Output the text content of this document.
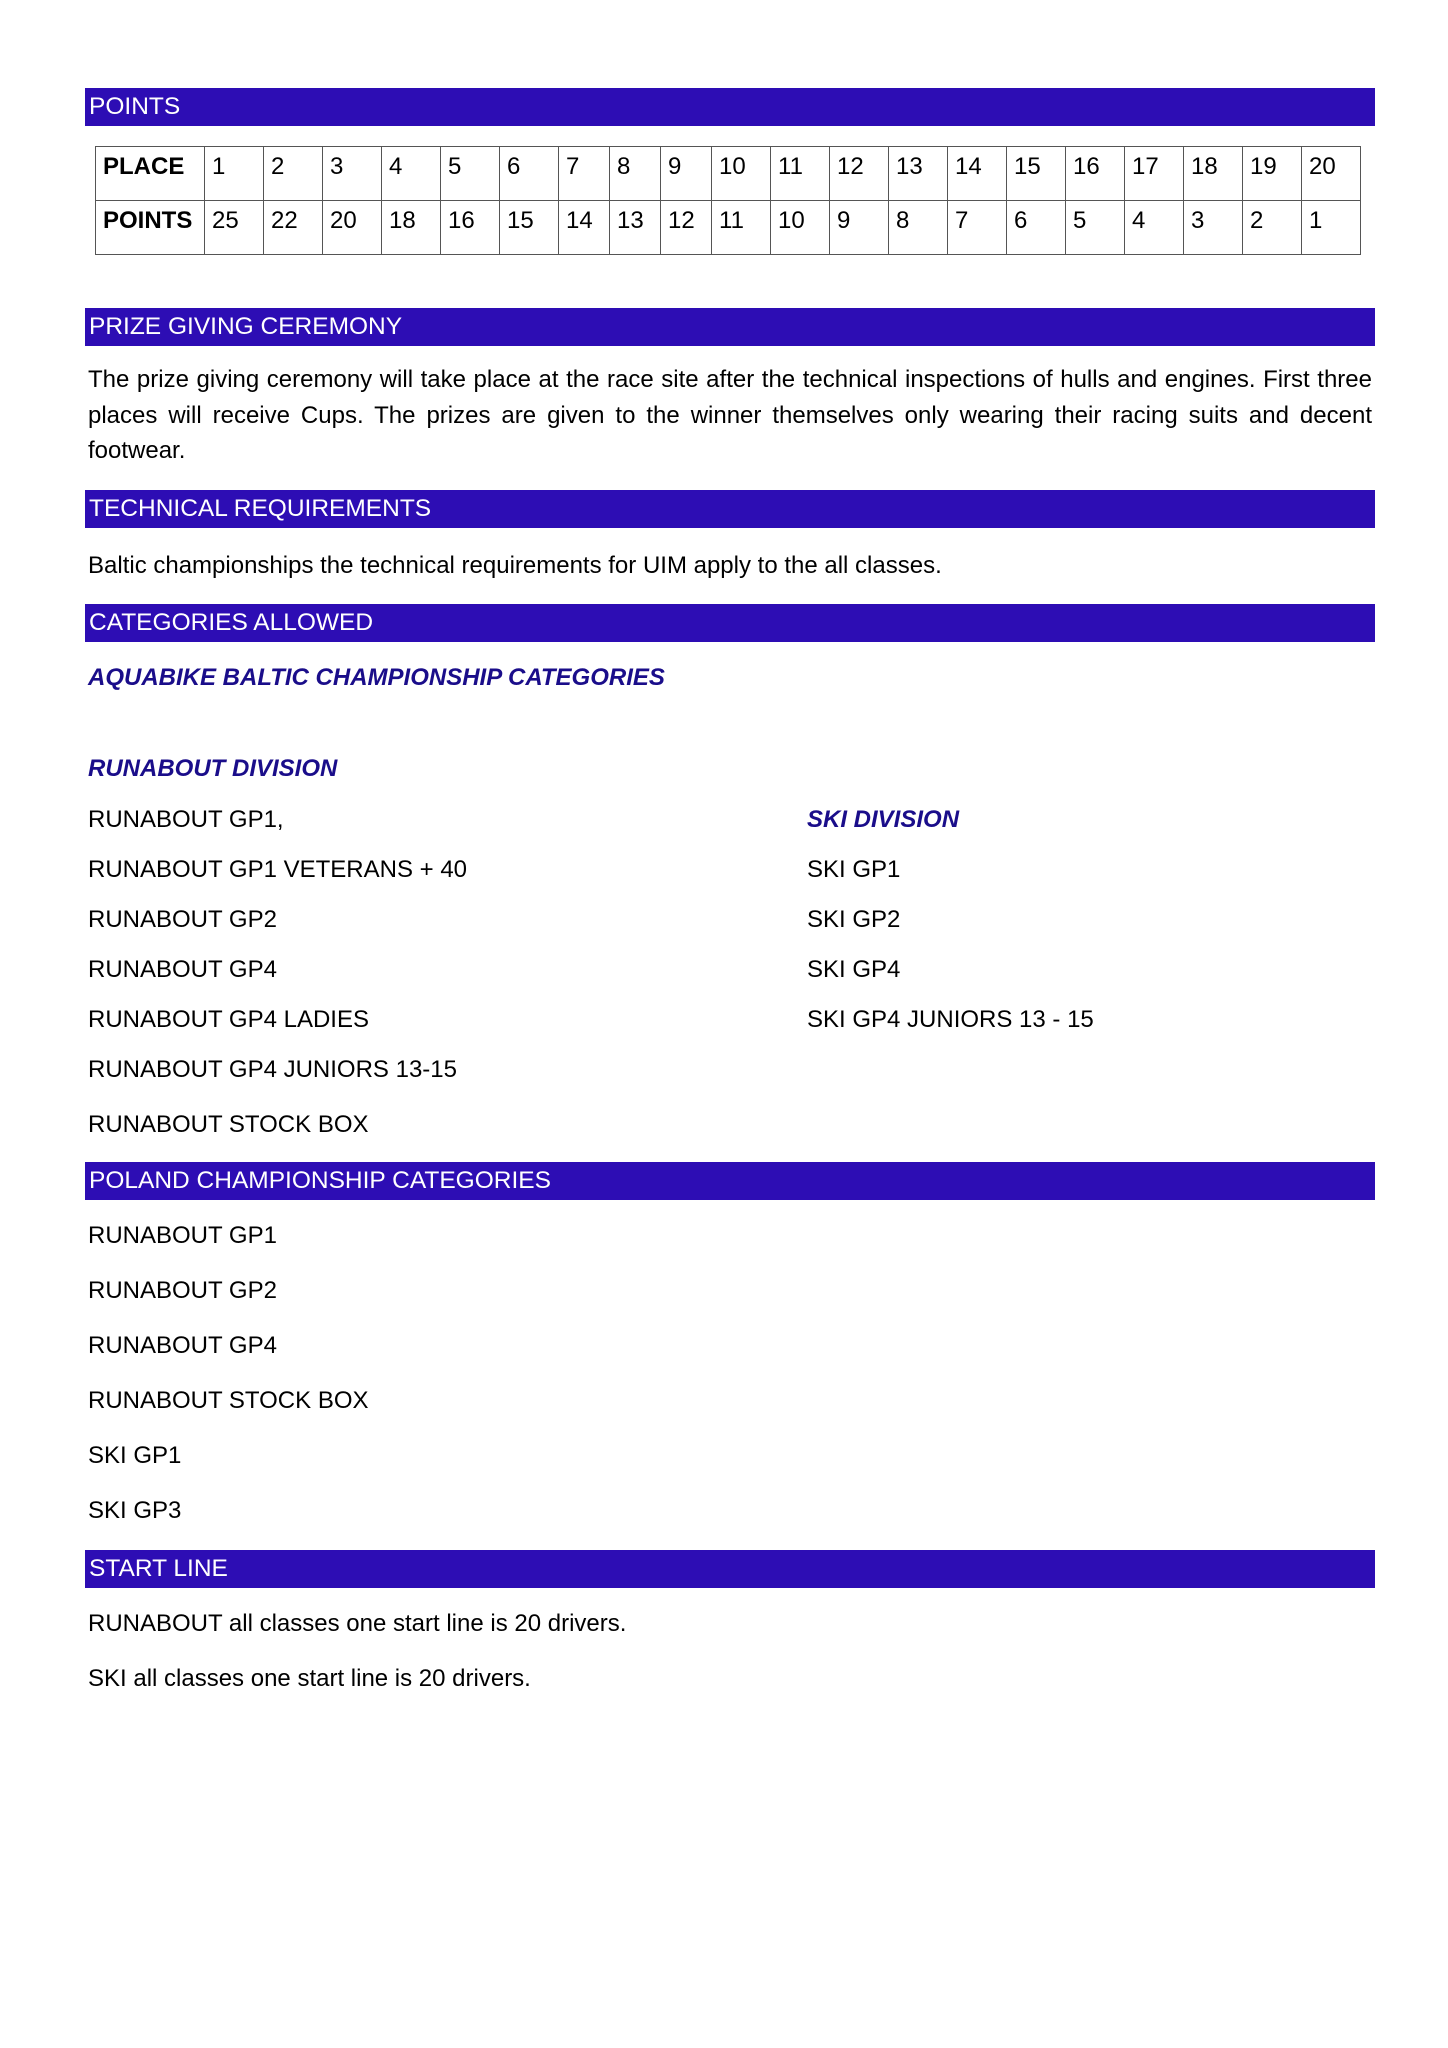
POINTS
PLACE	1	2	3	4	5	6	7	8	9	10	11	12	13	14	15	16	17	18	19	20
POINTS	25	22	20	18	16	15	14	13	12	11	10	9	8	7	6	5	4	3	2	1
PRIZE GIVING CEREMONY
The prize giving ceremony will take place at the race site after the technical inspections of hulls and engines. First three places will receive Cups. The prizes are given to the winner themselves only wearing their racing suits and decent footwear.
TECHNICAL REQUIREMENTS
Baltic championships the technical requirements for UIM apply to the all classes.
CATEGORIES ALLOWED
AQUABIKE BALTIC CHAMPIONSHIP CATEGORIES
RUNABOUT DIVISION
RUNABOUT GP1,
RUNABOUT GP1 VETERANS + 40
RUNABOUT GP2
RUNABOUT GP4
RUNABOUT GP4 LADIES
RUNABOUT GP4 JUNIORS 13-15
RUNABOUT STOCK BOX
SKI DIVISION
SKI GP1
SKI GP2
SKI GP4
SKI GP4 JUNIORS 13 - 15
POLAND CHAMPIONSHIP CATEGORIES
RUNABOUT GP1
RUNABOUT GP2
RUNABOUT GP4
RUNABOUT STOCK BOX
SKI GP1
SKI GP3
START LINE
RUNABOUT all classes one start line is 20 drivers.
SKI all classes one start line is 20 drivers.
